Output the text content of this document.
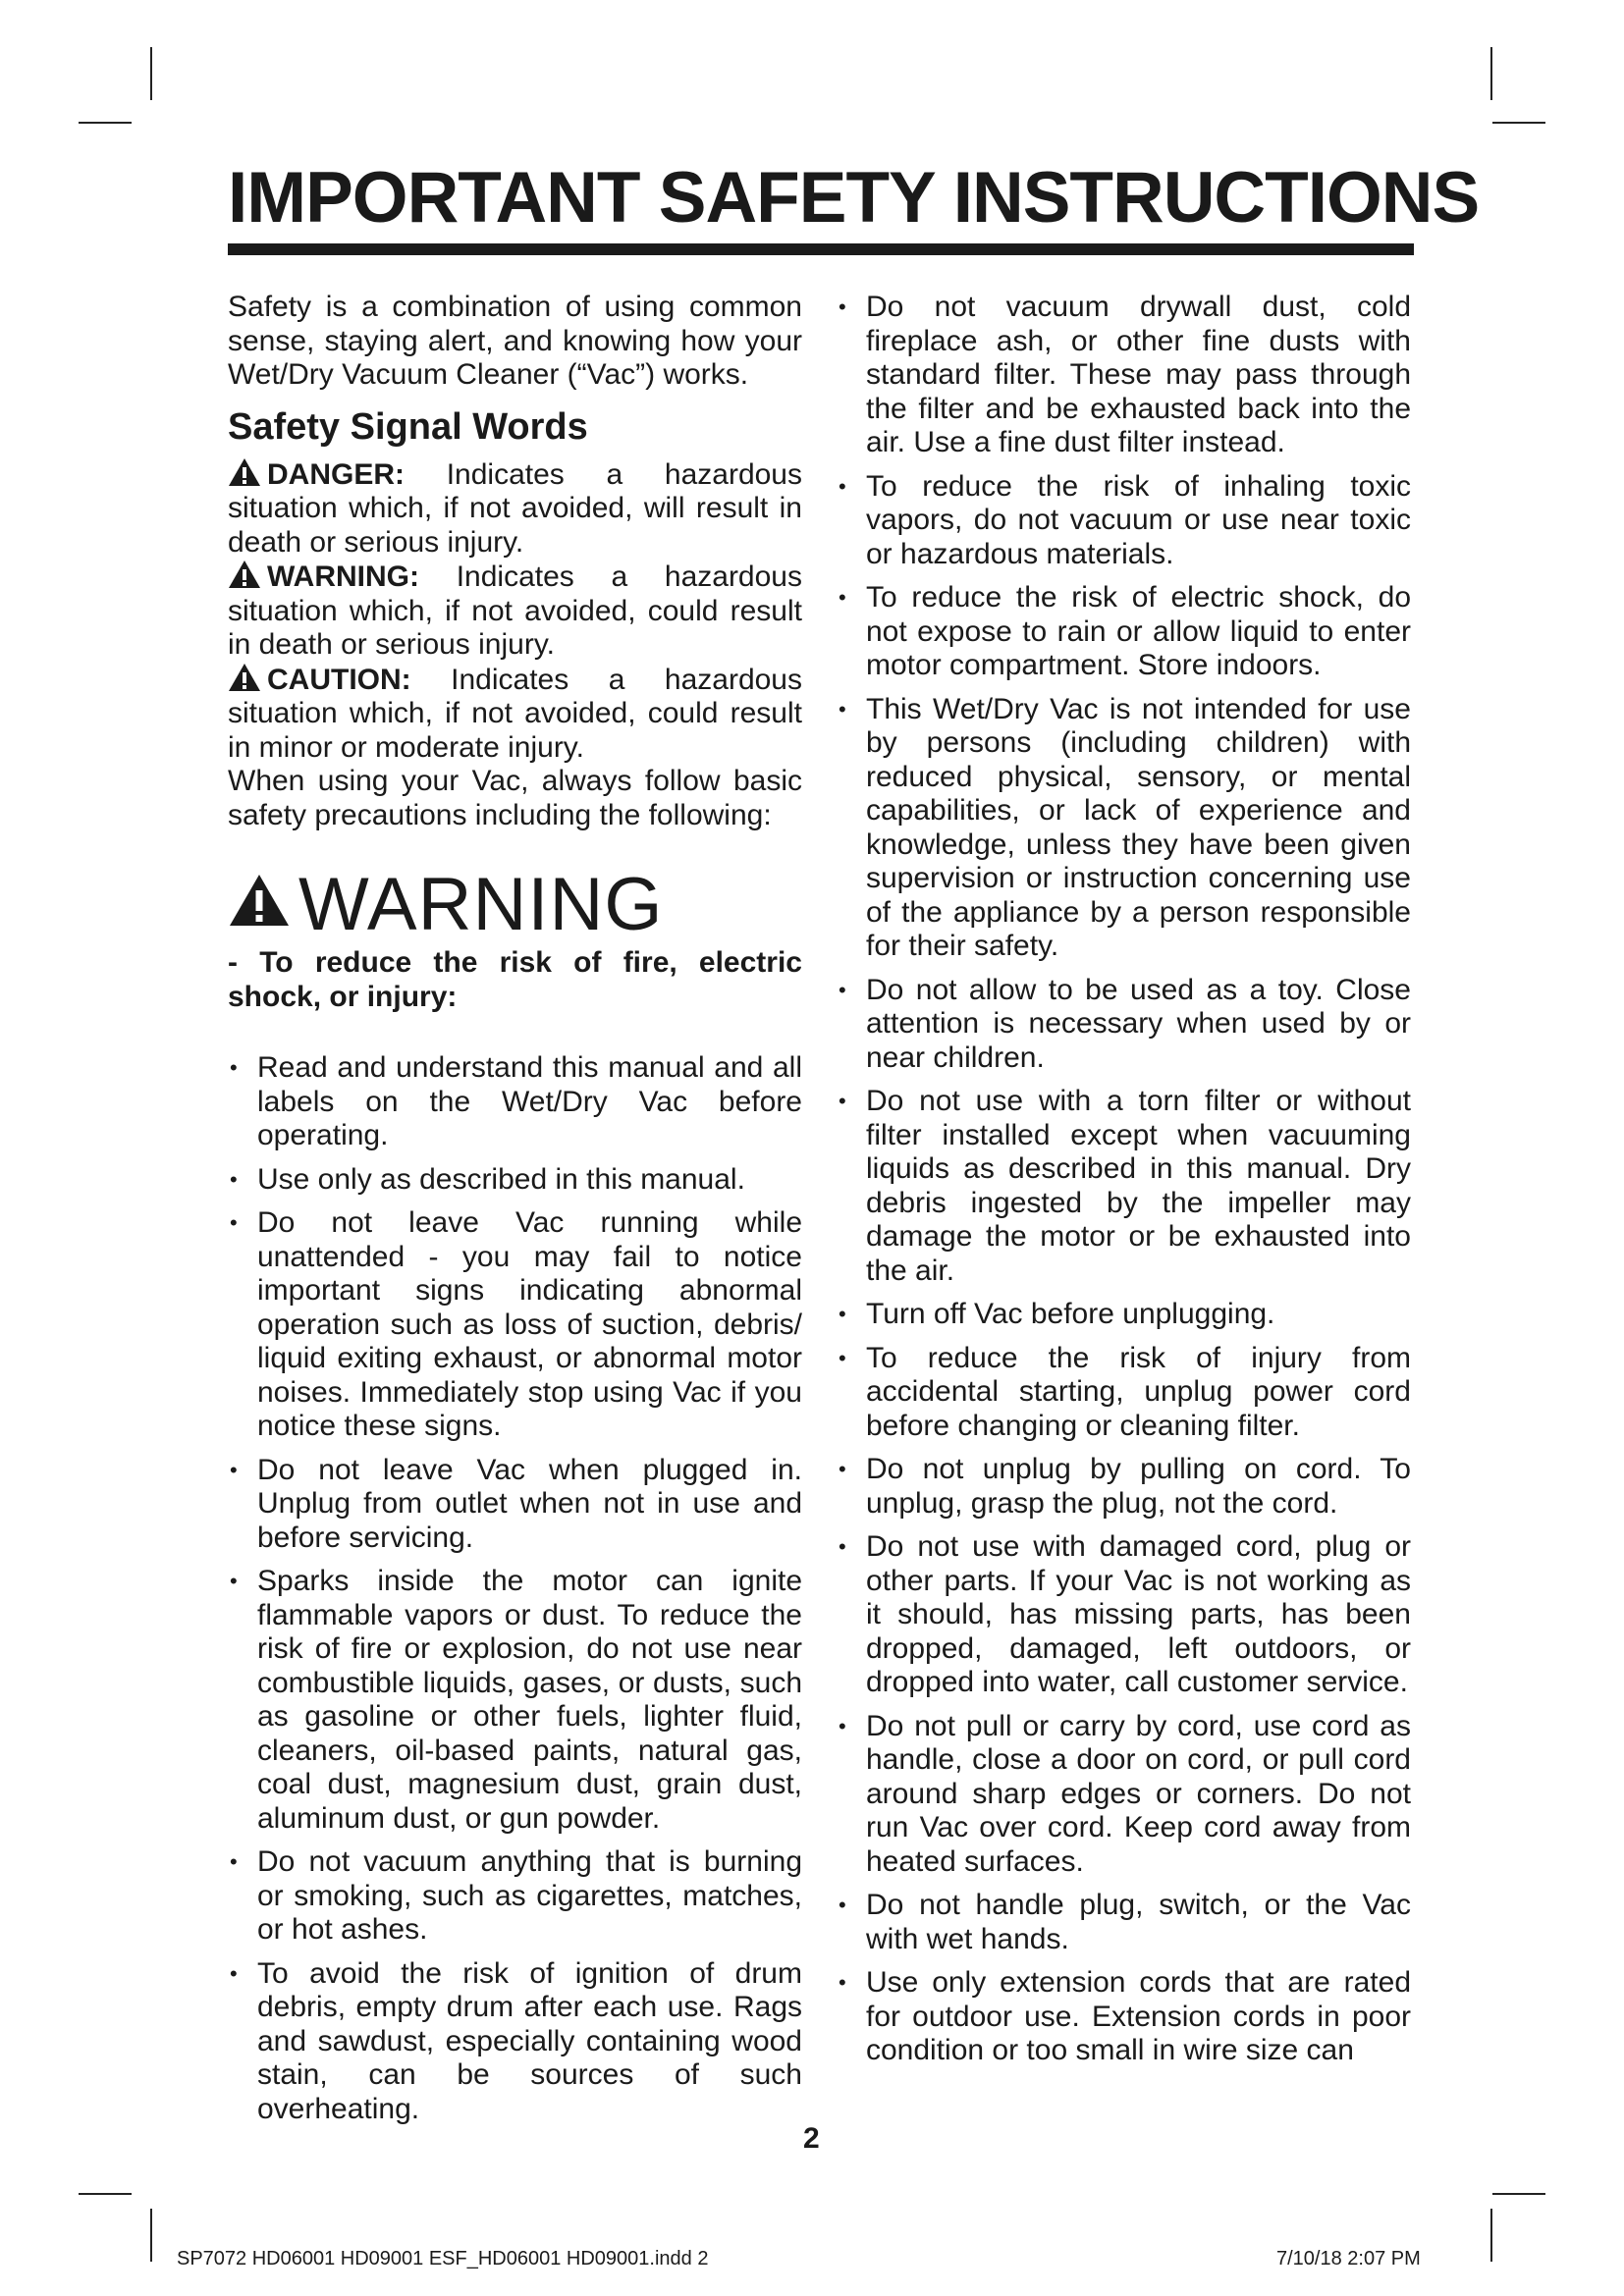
IMPORTANT SAFETY INSTRUCTIONS

Safety is a combination of using common sense, staying alert, and knowing how your Wet/Dry Vacuum Cleaner (“Vac”) works.

Safety Signal Words

DANGER: Indicates a hazardous situation which, if not avoided, will result in death or serious injury.

WARNING: Indicates a hazardous situation which, if not avoided, could result in death or serious injury.

CAUTION: Indicates a hazardous situation which, if not avoided, could result in minor or moderate injury.

When using your Vac, always follow basic safety precautions including the following:

WARNING

- To reduce the risk of fire, electric shock, or injury:

• Read and understand this manual and all labels on the Wet/Dry Vac before operating.
• Use only as described in this manual.
• Do not leave Vac running while unattended - you may fail to notice important signs indicating abnormal operation such as loss of suction, debris/ liquid exiting exhaust, or abnormal motor noises. Immediately stop using Vac if you notice these signs.
• Do not leave Vac when plugged in. Unplug from outlet when not in use and before servicing.
• Sparks inside the motor can ignite flammable vapors or dust. To reduce the risk of fire or explosion, do not use near combustible liquids, gases, or dusts, such as gasoline or other fuels, lighter fluid, cleaners, oil-based paints, natural gas, coal dust, magnesium dust, grain dust, aluminum dust, or gun powder.
• Do not vacuum anything that is burning or smoking, such as cigarettes, matches, or hot ashes.
• To avoid the risk of ignition of drum debris, empty drum after each use. Rags and sawdust, especially containing wood stain, can be sources of such overheating.
• Do not vacuum drywall dust, cold fireplace ash, or other fine dusts with standard filter. These may pass through the filter and be exhausted back into the air. Use a fine dust filter instead.
• To reduce the risk of inhaling toxic vapors, do not vacuum or use near toxic or hazardous materials.
• To reduce the risk of electric shock, do not expose to rain or allow liquid to enter motor compartment. Store indoors.
• This Wet/Dry Vac is not intended for use by persons (including children) with reduced physical, sensory, or mental capabilities, or lack of experience and knowledge, unless they have been given supervision or instruction concerning use of the appliance by a person responsible for their safety.
• Do not allow to be used as a toy. Close attention is necessary when used by or near children.
• Do not use with a torn filter or without filter installed except when vacuuming liquids as described in this manual. Dry debris ingested by the impeller may damage the motor or be exhausted into the air.
• Turn off Vac before unplugging.
• To reduce the risk of injury from accidental starting, unplug power cord before changing or cleaning filter.
• Do not unplug by pulling on cord. To unplug, grasp the plug, not the cord.
• Do not use with damaged cord, plug or other parts. If your Vac is not working as it should, has missing parts, has been dropped, damaged, left outdoors, or dropped into water, call customer service.
• Do not pull or carry by cord, use cord as handle, close a door on cord, or pull cord around sharp edges or corners. Do not run Vac over cord. Keep cord away from heated surfaces.
• Do not handle plug, switch, or the Vac with wet hands.
• Use only extension cords that are rated for outdoor use. Extension cords in poor condition or too small in wire size can
2
SP7072 HD06001 HD09001 ESF_HD06001 HD09001.indd 2	7/10/18 2:07 PM
